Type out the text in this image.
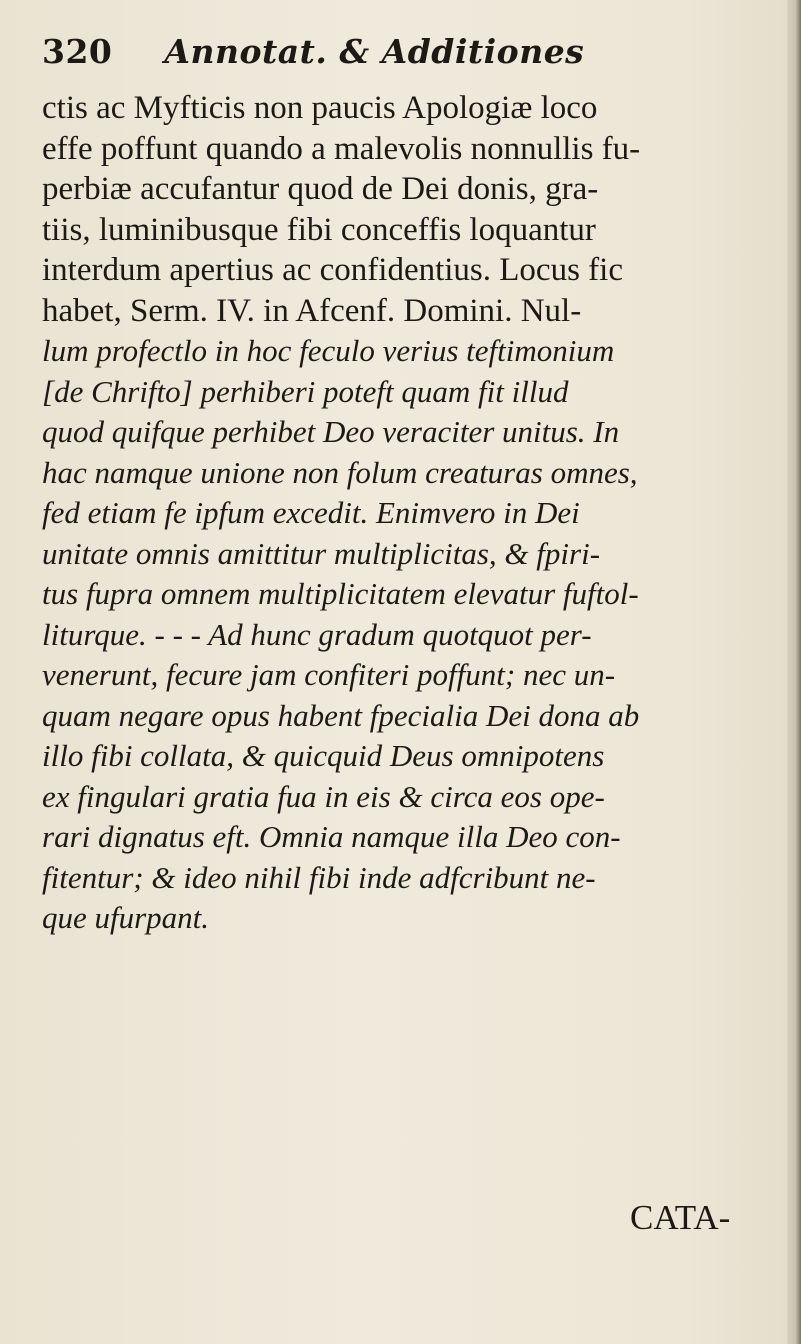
320 Annotat. & Additiones
ctis ac Myfticis non paucis Apologiæ loco
effe poffunt quando a malevolis nonnullis fu-
perbiæ accufantur quod de Dei donis, gra-
tiis, luminibusque fibi conceffis loquantur
interdum apertius ac confidentius. Locus fic
habet, Serm. IV. in Afcenf. Domini. Nul-
lum profectlo in hoc feculo verius teftimonium
[de Chrifto] perhiberi poteft quam fit illud
quod quifque perhibet Deo veraciter unitus. In
hac namque unione non folum creaturas omnes,
fed etiam fe ipfum excedit. Enimvero in Dei
unitate omnis amittitur multiplicitas, & fpiri-
tus fupra omnem multiplicitatem elevatur fuftol-
liturque. - - - Ad hunc gradum quotquot per-
venerunt, fecure jam confiteri poffunt; nec un-
quam negare opus habent fpecialia Dei dona ab
illo fibi collata, & quicquid Deus omnipotens
ex fingulari gratia fua in eis & circa eos ope-
rari dignatus eft. Omnia namque illa Deo con-
fitentur; & ideo nihil fibi inde adfcribunt ne-
que ufurpant.
CATA-
